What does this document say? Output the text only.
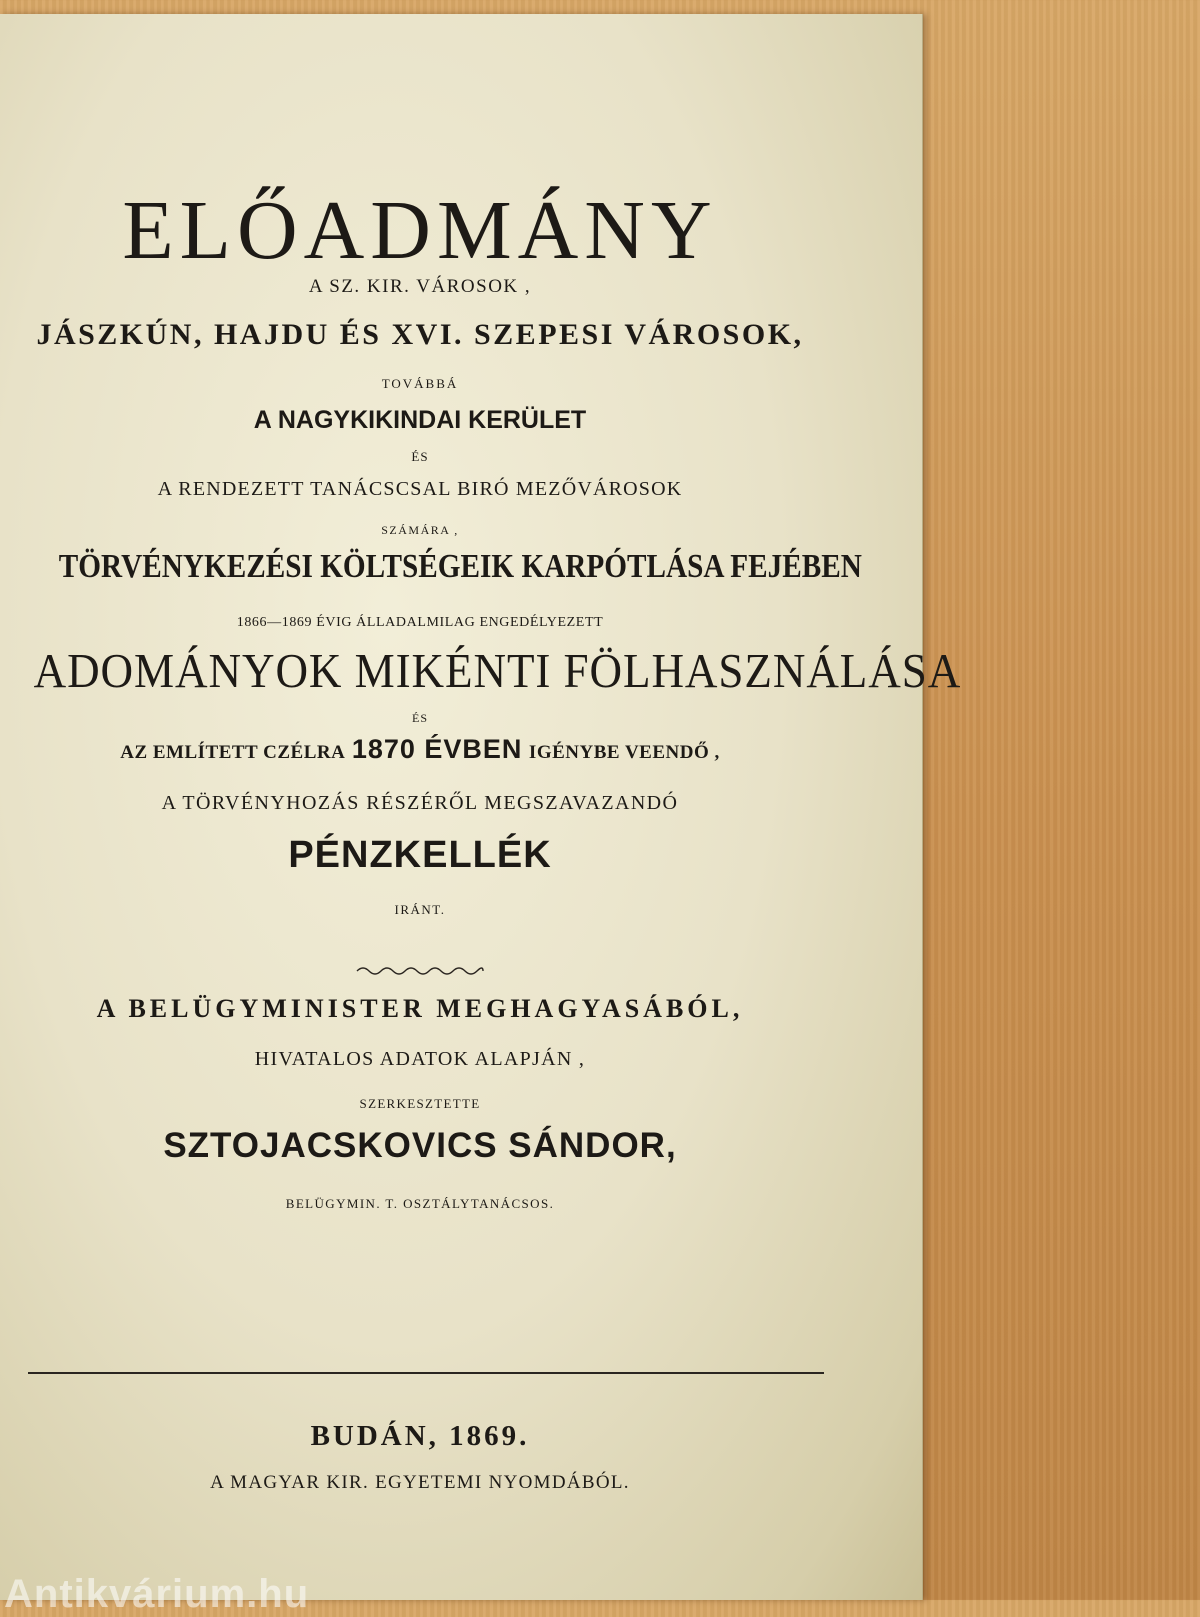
ELŐADMÁNY

A SZ. KIR. VÁROSOK ,

JÁSZKÚN, HAJDU ÉS XVI. SZEPESI VÁROSOK,

TOVÁBBÁ

A NAGYKIKINDAI KERÜLET

ÉS

A RENDEZETT TANÁCSCSAL BIRÓ MEZŐVÁROSOK

SZÁMÁRA ,

TÖRVÉNYKEZÉSI KÖLTSÉGEIK KARPÓTLÁSA FEJÉBEN

1866—1869 ÉVIG ÁLLADALMILAG ENGEDÉLYEZETT

ADOMÁNYOK MIKÉNTI FÖLHASZNÁLÁSA

ÉS

AZ EMLÍTETT CZÉLRA 1870 ÉVBEN IGÉNYBE VEENDŐ ,

A TÖRVÉNYHOZÁS RÉSZÉRŐL MEGSZAVAZANDÓ

PÉNZKELLÉK

IRÁNT.

A BELÜGYMINISTER MEGHAGYASÁBÓL,

HIVATALOS ADATOK ALAPJÁN ,

SZERKESZTETTE

SZTOJACSKOVICS SÁNDOR,

BELÜGYMIN. T. OSZTÁLYTANÁCSOS.

BUDÁN, 1869.

A MAGYAR KIR. EGYETEMI NYOMDÁBÓL.

Antikvárium.hu
